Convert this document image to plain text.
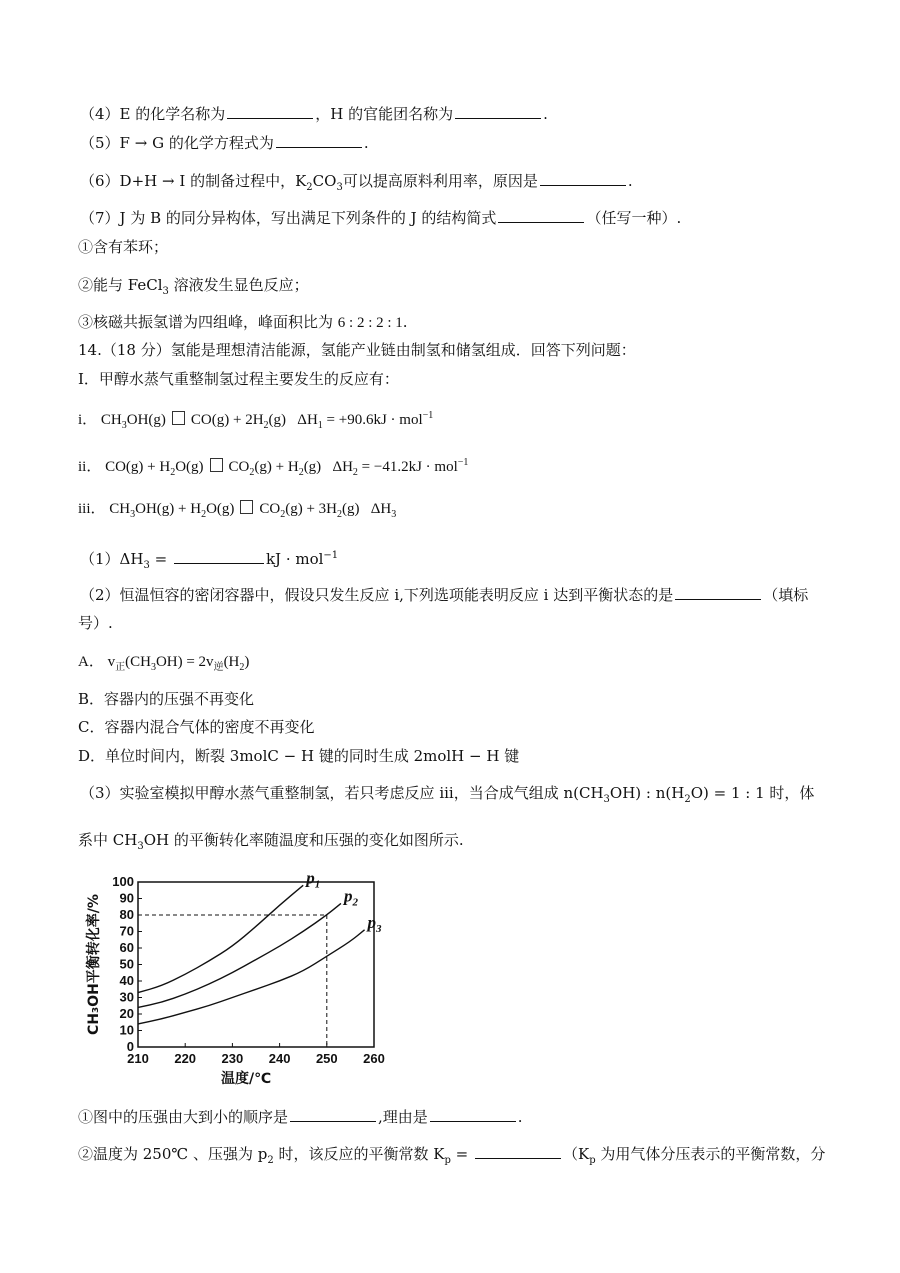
（4）E 的化学名称为	，H 的官能团名称为	.
（5）F → G 的化学方程式为	.
（6）D+H → I 的制备过程中，$K_2CO_3$可以提高原料利用率，原因是	.
（7）J 为 B 的同分异构体，写出满足下列条件的 J 的结构简式	（任写一种）.
①含有苯环；
②能与 FeCl$_3$ 溶液发生显色反应；
③核磁共振氢谱为四组峰，峰面积比为 6 : 2 : 2 : 1.
14.（18 分）氢能是理想清洁能源，氢能产业链由制氢和储氢组成．回答下列问题：
Ⅰ．甲醇水蒸气重整制氢过程主要发生的反应有：
i． $CH_3OH(g) CO(g) + 2H_2(g) \Delta H_1 = +90.6kJ \cdot mol^{-1}$
ii． $CO(g) + H_2O(g) CO_2(g) + H_2(g) \Delta H_2 = -41.2kJ \cdot mol^{-1}$
iii． $CH_3OH(g) + H_2O(g) CO_2(g) + 3H_2(g)$ $\Delta H_3$
$(1)\Delta H_3$ =	kJ · mol$^{-1}$
（2）恒温恒容的密闭容器中，假设只发生反应 i,下列选项能表明反应 i 达到平衡状态的是	（填标
号）.
A． $v_正(CH_3OH) = 2v_逆(H_2)$
B．容器内的压强不再变化
C．容器内混合气体的密度不再变化
D．单位时间内，断裂 3molC − H 键的同时生成 2molH − H 键
（3）实验室模拟甲醇水蒸气重整制氢，若只考虑反应 iii，当合成气组成 $n(CH_3OH)$ : $n(H_2O) = 1$ : 1 时，体
系中 $CH_3OH$ 的平衡转化率随温度和压强的变化如图所示.
0
10
20
30
40
50
60
70
80
90
100
210 220 230 240 250 260
$p_1$
$p_2$
$p_3$
CH₃OH平衡转化率/%
温度/℃
①图中的压强由大到小的顺序是	,理由是	.
②温度为 250℃ 、压强为 $p_2$ 时，该反应的平衡常数 $K_p$ =	（$K_p$ 为用气体分压表示的平衡常数，分
